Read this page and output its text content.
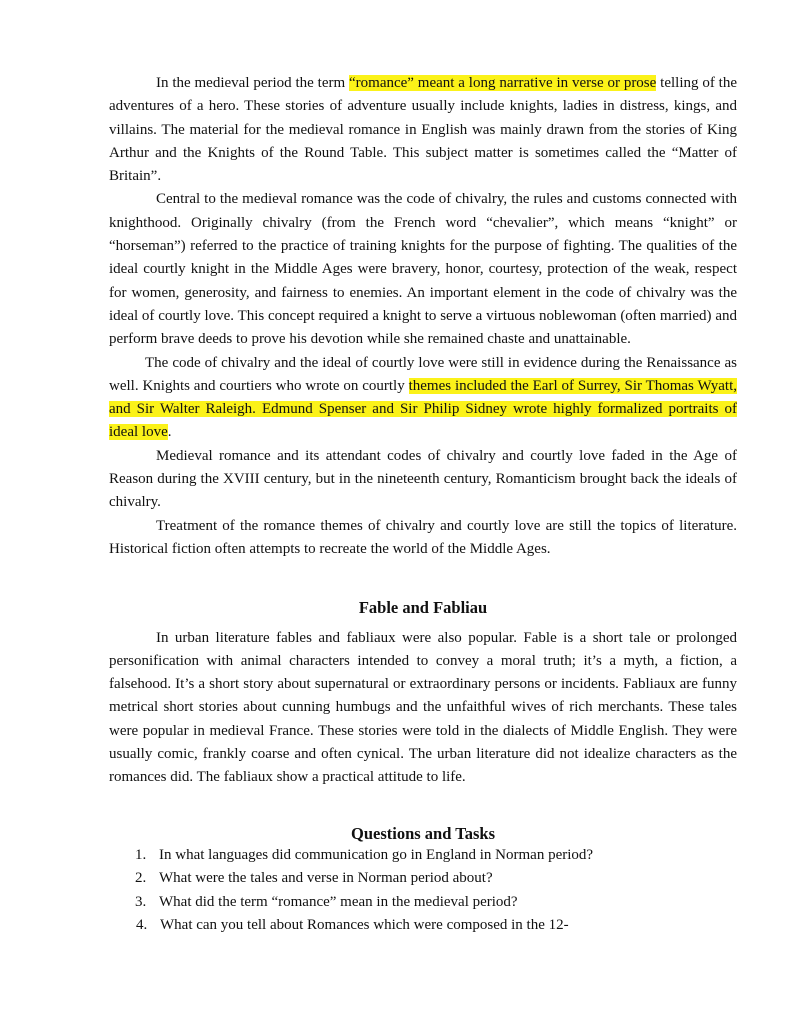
In the medieval period the term “romance” meant a long narrative in verse or prose telling of the adventures of a hero. These stories of adventure usually include knights, ladies in distress, kings, and villains. The material for the medieval romance in English was mainly drawn from the stories of King Arthur and the Knights of the Round Table. This subject matter is sometimes called the “Matter of Britain”.

Central to the medieval romance was the code of chivalry, the rules and customs connected with knighthood. Originally chivalry (from the French word “chevalier”, which means “knight” or “horseman”) referred to the practice of training knights for the purpose of fighting. The qualities of the ideal courtly knight in the Middle Ages were bravery, honor, courtesy, protection of the weak, respect for women, generosity, and fairness to enemies. An important element in the code of chivalry was the ideal of courtly love. This concept required a knight to serve a virtuous noblewoman (often married) and perform brave deeds to prove his devotion while she remained chaste and unattainable.

The code of chivalry and the ideal of courtly love were still in evidence during the Renaissance as well. Knights and courtiers who wrote on courtly themes included the Earl of Surrey, Sir Thomas Wyatt, and Sir Walter Raleigh. Edmund Spenser and Sir Philip Sidney wrote highly formalized portraits of ideal love.

Medieval romance and its attendant codes of chivalry and courtly love faded in the Age of Reason during the XVIII century, but in the nineteenth century, Romanticism brought back the ideals of chivalry.

Treatment of the romance themes of chivalry and courtly love are still the topics of literature. Historical fiction often attempts to recreate the world of the Middle Ages.

Fable and Fabliau

In urban literature fables and fabliaux were also popular. Fable is a short tale or prolonged personification with animal characters intended to convey a moral truth; it’s a myth, a fiction, a falsehood. It’s a short story about supernatural or extraordinary persons or incidents. Fabliaux are funny metrical short stories about cunning humbugs and the unfaithful wives of rich merchants. These tales were popular in medieval France. These stories were told in the dialects of Middle English. They were usually comic, frankly coarse and often cynical. The urban literature did not idealize characters as the romances did. The fabliaux show a practical attitude to life.

Questions and Tasks
1. In what languages did communication go in England in Norman period?
2. What were the tales and verse in Norman period about?
3. What did the term “romance” mean in the medieval period?
4. What can you tell about Romances which were composed in the 12-
